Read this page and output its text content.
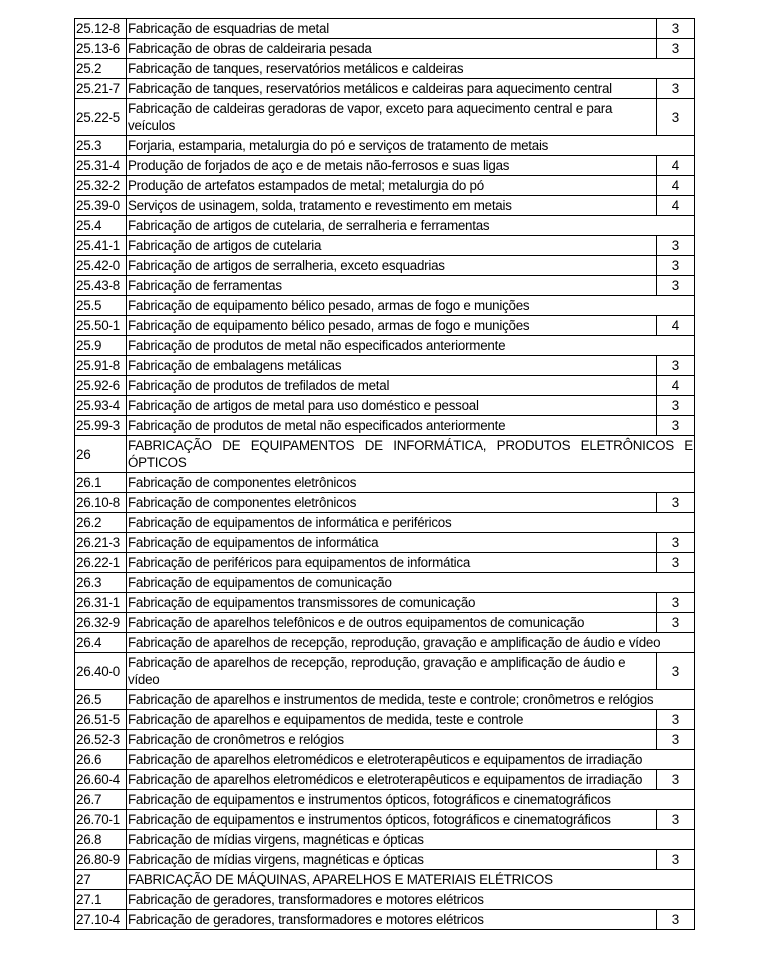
25.12-8	Fabricação de esquadrias de metal	3
25.13-6	Fabricação de obras de caldeiraria pesada	3
25.2	Fabricação de tanques, reservatórios metálicos e caldeiras	
25.21-7	Fabricação de tanques, reservatórios metálicos e caldeiras para aquecimento central	3
25.22-5	Fabricação de caldeiras geradoras de vapor, exceto para aquecimento central e para veículos	3
25.3	Forjaria, estamparia, metalurgia do pó e serviços de tratamento de metais	
25.31-4	Produção de forjados de aço e de metais não-ferrosos e suas ligas	4
25.32-2	Produção de artefatos estampados de metal; metalurgia do pó	4
25.39-0	Serviços de usinagem, solda, tratamento e revestimento em metais	4
25.4	Fabricação de artigos de cutelaria, de serralheria e ferramentas	
25.41-1	Fabricação de artigos de cutelaria	3
25.42-0	Fabricação de artigos de serralheria, exceto esquadrias	3
25.43-8	Fabricação de ferramentas	3
25.5	Fabricação de equipamento bélico pesado, armas de fogo e munições	
25.50-1	Fabricação de equipamento bélico pesado, armas de fogo e munições	4
25.9	Fabricação de produtos de metal não especificados anteriormente	
25.91-8	Fabricação de embalagens metálicas	3
25.92-6	Fabricação de produtos de trefilados de metal	4
25.93-4	Fabricação de artigos de metal para uso doméstico e pessoal	3
25.99-3	Fabricação de produtos de metal não especificados anteriormente	3
26	FABRICAÇÃO DE EQUIPAMENTOS DE INFORMÁTICA, PRODUTOS ELETRÔNICOS E ÓPTICOS	
26.1	Fabricação de componentes eletrônicos	
26.10-8	Fabricação de componentes eletrônicos	3
26.2	Fabricação de equipamentos de informática e periféricos	
26.21-3	Fabricação de equipamentos de informática	3
26.22-1	Fabricação de periféricos para equipamentos de informática	3
26.3	Fabricação de equipamentos de comunicação	
26.31-1	Fabricação de equipamentos transmissores de comunicação	3
26.32-9	Fabricação de aparelhos telefônicos e de outros equipamentos de comunicação	3
26.4	Fabricação de aparelhos de recepção, reprodução, gravação e amplificação de áudio e vídeo	
26.40-0	Fabricação de aparelhos de recepção, reprodução, gravação e amplificação de áudio e vídeo	3
26.5	Fabricação de aparelhos e instrumentos de medida, teste e controle; cronômetros e relógios	
26.51-5	Fabricação de aparelhos e equipamentos de medida, teste e controle	3
26.52-3	Fabricação de cronômetros e relógios	3
26.6	Fabricação de aparelhos eletromédicos e eletroterapêuticos e equipamentos de irradiação	
26.60-4	Fabricação de aparelhos eletromédicos e eletroterapêuticos e equipamentos de irradiação	3
26.7	Fabricação de equipamentos e instrumentos ópticos, fotográficos e cinematográficos	
26.70-1	Fabricação de equipamentos e instrumentos ópticos, fotográficos e cinematográficos	3
26.8	Fabricação de mídias virgens, magnéticas e ópticas	
26.80-9	Fabricação de mídias virgens, magnéticas e ópticas	3
27	FABRICAÇÃO DE MÁQUINAS, APARELHOS E MATERIAIS ELÉTRICOS	
27.1	Fabricação de geradores, transformadores e motores elétricos	
27.10-4	Fabricação de geradores, transformadores e motores elétricos	3
